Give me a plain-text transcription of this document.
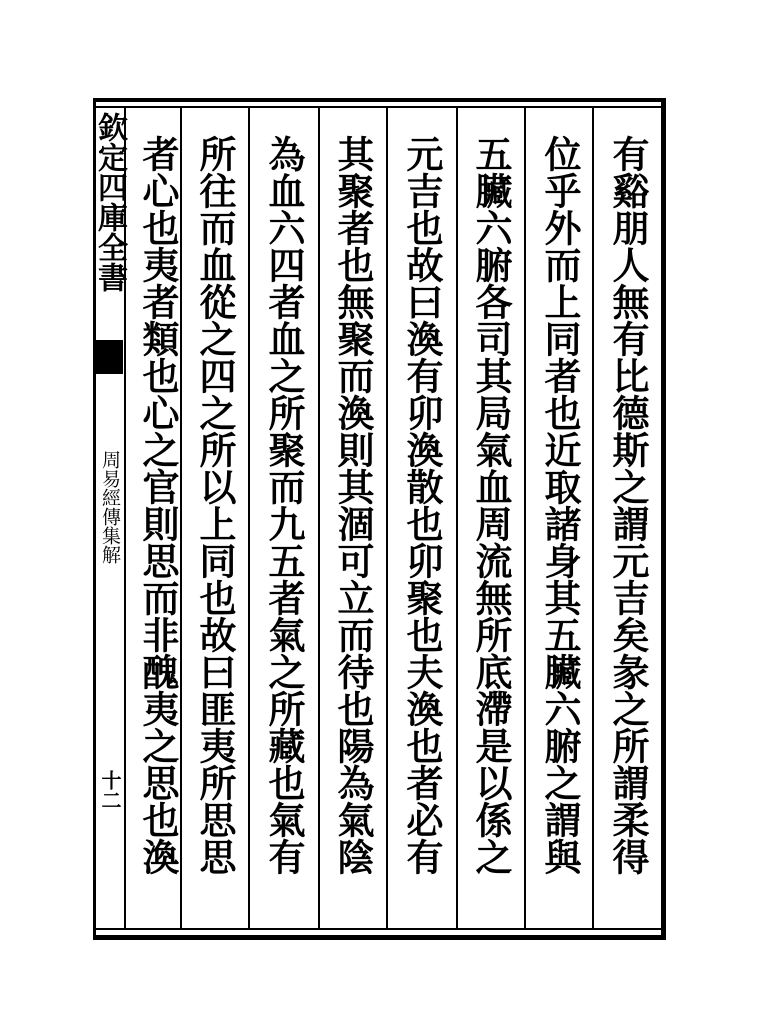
欽定四庫全書
周易經傳集解
十二	有谿朋人無有比德斯之謂元吉矣彖之所謂柔得
位乎外而上同者也近取諸身其五臟六腑之謂與
五臟六腑各司其局氣血周流無所底滯是以係之
元吉也故曰渙有卯渙散也卯聚也夫渙也者必有
其聚者也無聚而渙則其涸可立而待也陽為氣陰
為血六四者血之所聚而九五者氣之所藏也氣有
所往而血從之四之所以上同也故曰匪夷所思思
者心也夷者類也心之官則思而非醜夷之思也渙
